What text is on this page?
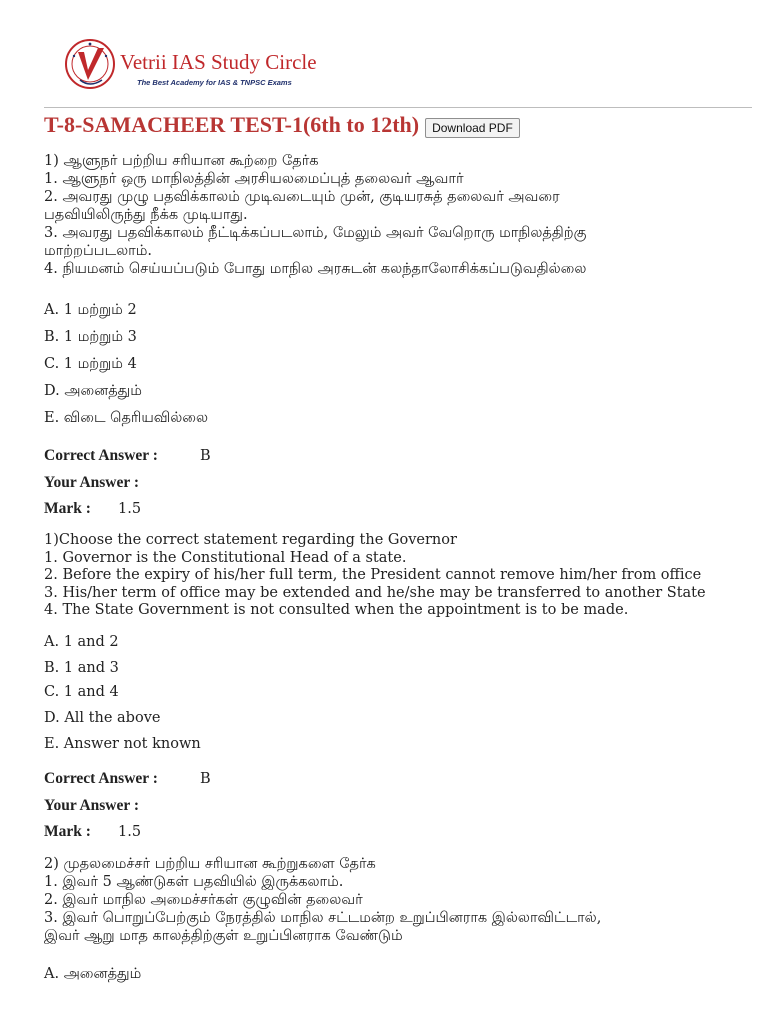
Vetrii IAS Study Circle
The Best Academy for IAS & TNPSC Exams
T-8-SAMACHEER TEST-1(6th to 12th)	Download PDF
1) ஆளுநர் பற்றிய சரியான கூற்றை தேர்க
1. ஆளுநர் ஒரு மாநிலத்தின் அரசியலமைப்புத் தலைவர் ஆவார்
2. அவரது முழு பதவிக்காலம் முடிவடையும் முன், குடியரசுத் தலைவர் அவரை
பதவியிலிருந்து நீக்க முடியாது.
3. அவரது பதவிக்காலம் நீட்டிக்கப்படலாம், மேலும் அவர் வேறொரு மாநிலத்திற்கு
மாற்றப்படலாம்.
4. நியமனம் செய்யப்படும் போது மாநில அரசுடன் கலந்தாலோசிக்கப்படுவதில்லை
A. 1 மற்றும் 2
B. 1 மற்றும் 3
C. 1 மற்றும் 4
D. அனைத்தும்
E. விடை தெரியவில்லை
Correct Answer :	B
Your Answer :
Mark : 1.5
1)Choose the correct statement regarding the Governor
1. Governor is the Constitutional Head of a state.
2. Before the expiry of his/her full term, the President cannot remove him/her from office
3. His/her term of office may be extended and he/she may be transferred to another State
4. The State Government is not consulted when the appointment is to be made.
A. 1 and 2
B. 1 and 3
C. 1 and 4
D. All the above
E. Answer not known
Correct Answer :	B
Your Answer :
Mark : 1.5
2) முதலமைச்சர் பற்றிய சரியான கூற்றுகளை தேர்க
1. இவர் 5 ஆண்டுகள் பதவியில் இருக்கலாம்.
2. இவர் மாநில அமைச்சர்கள் குழுவின் தலைவர்
3. இவர் பொறுப்பேற்கும் நேரத்தில் மாநில சட்டமன்ற உறுப்பினராக இல்லாவிட்டால்,
இவர் ஆறு மாத காலத்திற்குள் உறுப்பினராக வேண்டும்
A. அனைத்தும்
